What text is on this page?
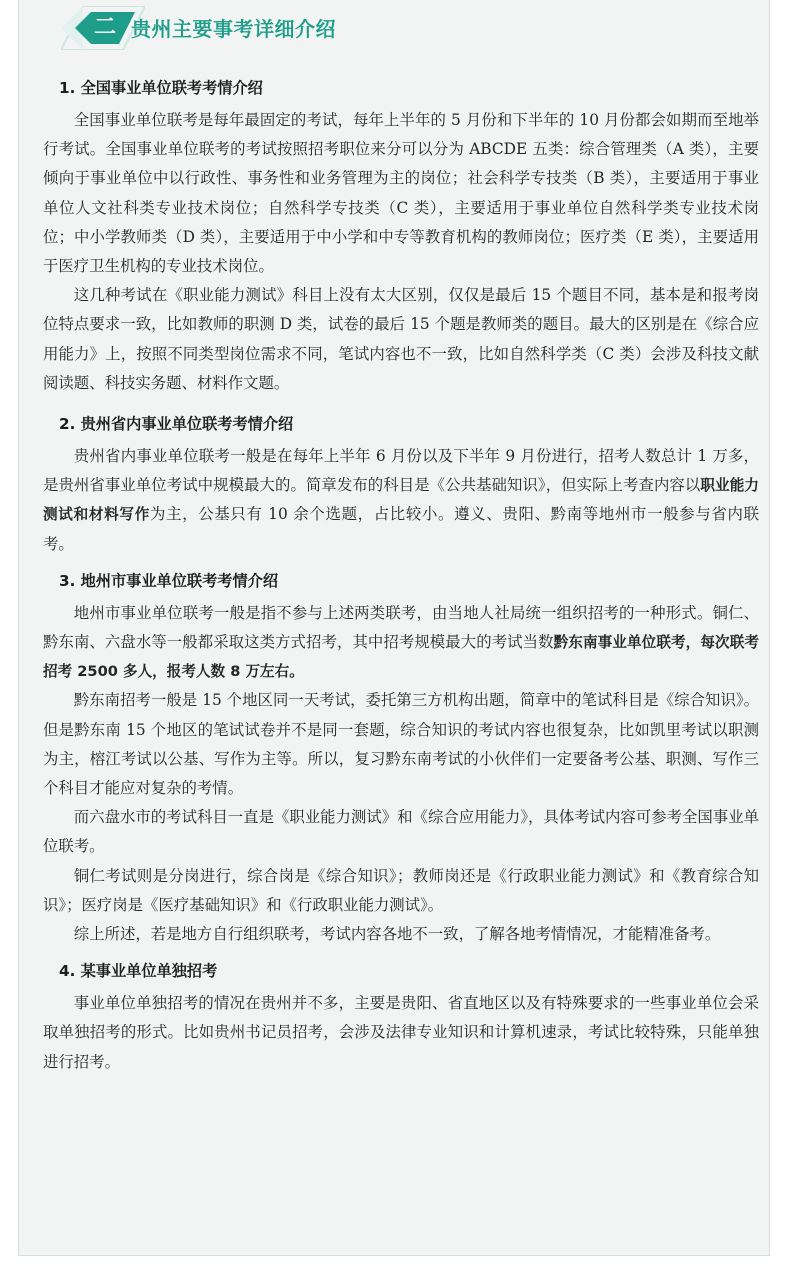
二 贵州主要事考详细介绍
1. 全国事业单位联考考情介绍

全国事业单位联考是每年最固定的考试，每年上半年的 5 月份和下半年的 10 月份都会如期而至地举行考试。全国事业单位联考的考试按照招考职位来分可以分为 ABCDE 五类：综合管理类（A 类），主要倾向于事业单位中以行政性、事务性和业务管理为主的岗位；社会科学专技类（B 类），主要适用于事业单位人文社科类专业技术岗位；自然科学专技类（C 类），主要适用于事业单位自然科学类专业技术岗位；中小学教师类（D 类），主要适用于中小学和中专等教育机构的教师岗位；医疗类（E 类），主要适用于医疗卫生机构的专业技术岗位。

这几种考试在《职业能力测试》科目上没有太大区别，仅仅是最后 15 个题目不同，基本是和报考岗位特点要求一致，比如教师的职测 D 类，试卷的最后 15 个题是教师类的题目。最大的区别是在《综合应用能力》上，按照不同类型岗位需求不同，笔试内容也不一致，比如自然科学类（C 类）会涉及科技文献阅读题、科技实务题、材料作文题。

2. 贵州省内事业单位联考考情介绍

贵州省内事业单位联考一般是在每年上半年 6 月份以及下半年 9 月份进行，招考人数总计 1 万多，是贵州省事业单位考试中规模最大的。简章发布的科目是《公共基础知识》，但实际上考查内容以职业能力测试和材料写作为主，公基只有 10 余个选题，占比较小。遵义、贵阳、黔南等地州市一般参与省内联考。

3. 地州市事业单位联考考情介绍

地州市事业单位联考一般是指不参与上述两类联考，由当地人社局统一组织招考的一种形式。铜仁、黔东南、六盘水等一般都采取这类方式招考，其中招考规模最大的考试当数黔东南事业单位联考，每次联考招考 2500 多人，报考人数 8 万左右。

黔东南招考一般是 15 个地区同一天考试，委托第三方机构出题，简章中的笔试科目是《综合知识》。但是黔东南 15 个地区的笔试试卷并不是同一套题，综合知识的考试内容也很复杂，比如凯里考试以职测为主，榕江考试以公基、写作为主等。所以，复习黔东南考试的小伙伴们一定要备考公基、职测、写作三个科目才能应对复杂的考情。

而六盘水市的考试科目一直是《职业能力测试》和《综合应用能力》，具体考试内容可参考全国事业单位联考。

铜仁考试则是分岗进行，综合岗是《综合知识》；教师岗还是《行政职业能力测试》和《教育综合知识》；医疗岗是《医疗基础知识》和《行政职业能力测试》。

综上所述，若是地方自行组织联考，考试内容各地不一致，了解各地考情情况，才能精准备考。

4. 某事业单位单独招考

事业单位单独招考的情况在贵州并不多，主要是贵阳、省直地区以及有特殊要求的一些事业单位会采取单独招考的形式。比如贵州书记员招考，会涉及法律专业知识和计算机速录，考试比较特殊，只能单独进行招考。
